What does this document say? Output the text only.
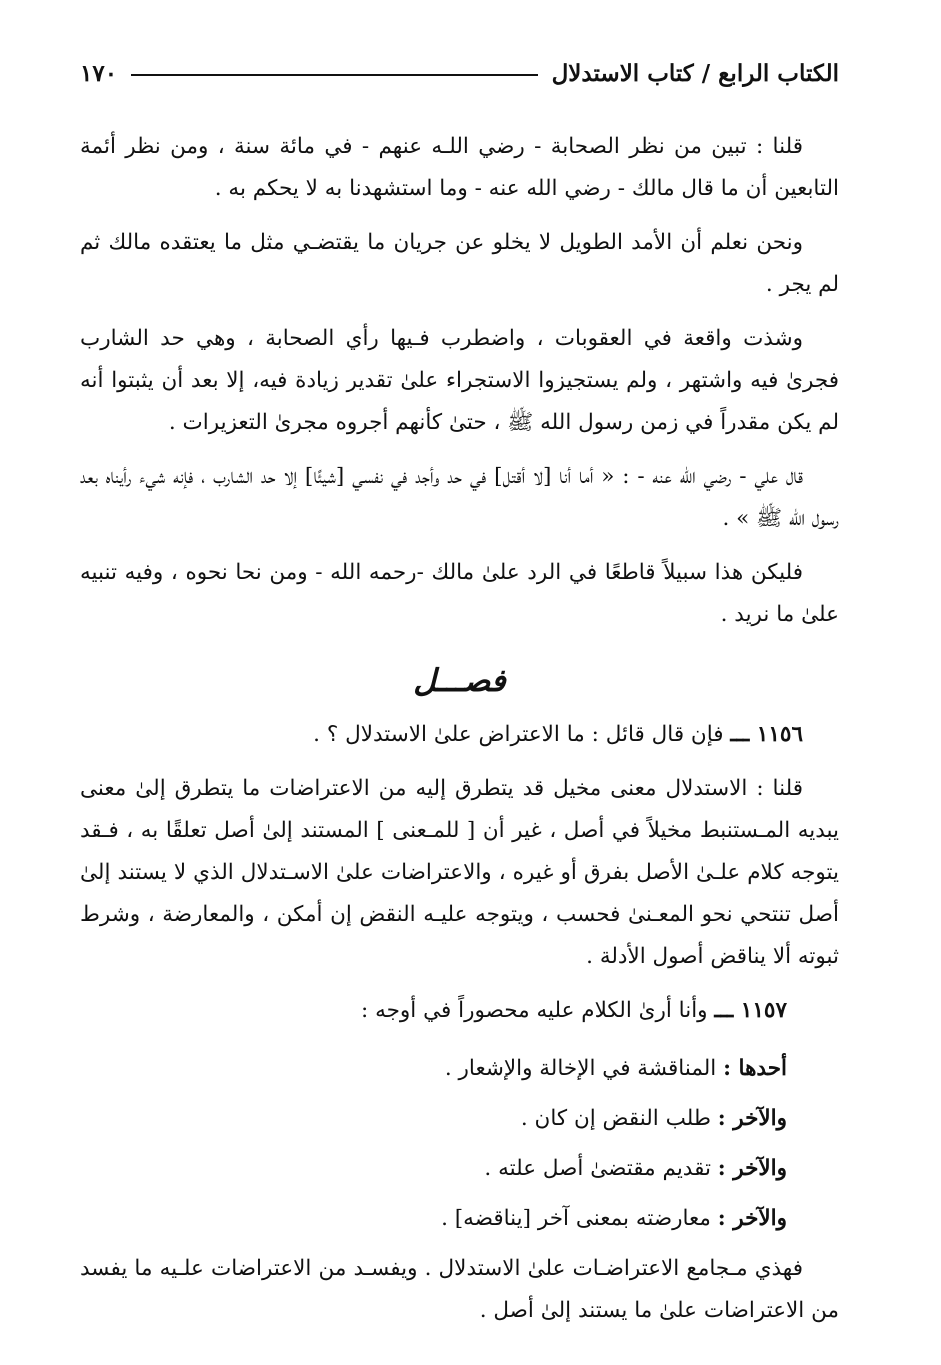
الكتاب الرابع / كتاب الاستدلال
١٧٠

قلنا : تبين من نظر الصحابة - رضي اللـه عنهم - في مائة سنة ، ومن نظر أئمة التابعين أن ما قال مالك - رضي الله عنه - وما استشهدنا به لا يحكم به .

ونحن نعلم أن الأمد الطويل لا يخلو عن جريان ما يقتضـي مثل ما يعتقده مالك ثم لم يجر .

وشذت واقعة في العقوبات ، واضطرب فـيها رأي الصحابة ، وهي حد الشارب فجرىٰ فيه واشتهر ، ولم يستجيزوا الاستجراء علىٰ تقدير زيادة فيه، إلا بعد أن يثبتوا أنه لم يكن مقدراً في زمن رسول الله ﷺ ، حتىٰ كأنهم أجروه مجرىٰ التعزيرات .

قال علي - رضي الله عنه - : « أما أنا [لا أقتل] في حد وأجد في نفسي [شيئًا] إلا حد الشارب ، فإنه شيء رأيناه بعد رسول الله ﷺ » .

فليكن هذا سبيلاً قاطعًا في الرد علىٰ مالك -رحمه الله - ومن نحا نحوه ، وفيه تنبيه علىٰ ما نريد .

فصـــل

١١٥٦ ـــ فإن قال قائل : ما الاعتراض علىٰ الاستدلال ؟ .

قلنا : الاستدلال معنى مخيل قد يتطرق إليه من الاعتراضات ما يتطرق إلىٰ معنى يبديه المـستنبط مخيلاً في أصل ، غير أن [ للمـعنى ] المستند إلىٰ أصل تعلقًا به ، فـقد يتوجه كلام علـىٰ الأصل بفرق أو غيره ، والاعتراضات علىٰ الاسـتدلال الذي لا يستند إلىٰ أصل تنتحي نحو المعـنىٰ فحسب ، ويتوجه عليـه النقض إن أمكن ، والمعارضة ، وشرط ثبوته ألا يناقض أصول الأدلة .

١١٥٧ ـــ وأنا أرىٰ الكلام عليه محصوراً في أوجه :

أحدها : المناقشة في الإخالة والإشعار .

والآخر : طلب النقض إن كان .

والآخر : تقديم مقتضىٰ أصل علته .

والآخر : معارضته بمعنى آخر [يناقضه] .

فهذي مـجامع الاعتراضـات علىٰ الاستدلال . ويفسـد من الاعتراضات علـيه ما يفسد من الاعتراضات علىٰ ما يستند إلىٰ أصل .
